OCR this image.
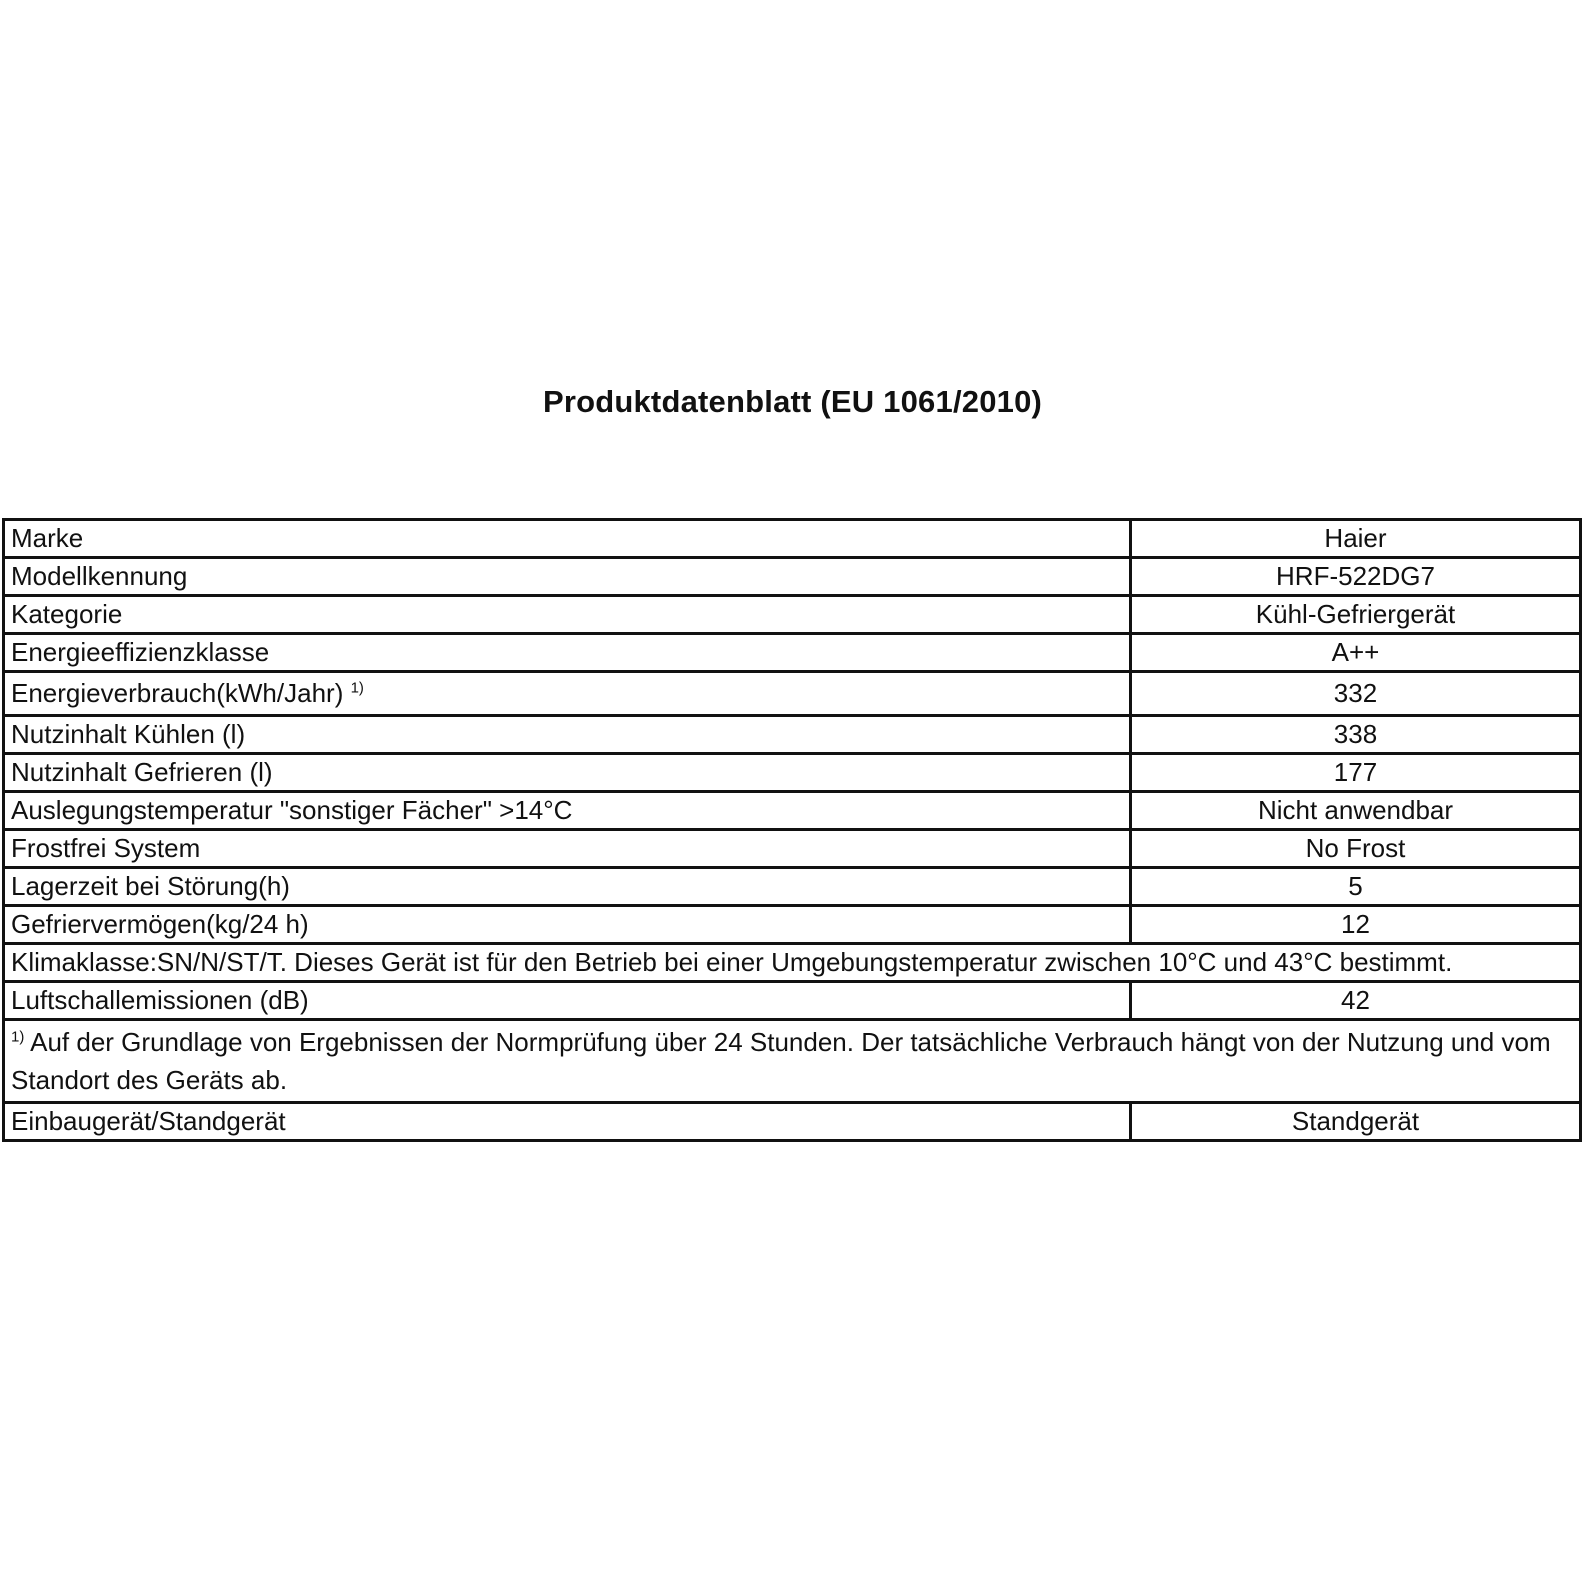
Produktdatenblatt (EU 1061/2010)
Marke	Haier
Modellkennung	HRF-522DG7
Kategorie	Kühl-Gefriergerät
Energieeffizienzklasse	A++
Energieverbrauch(kWh/Jahr) $^{1)}$	332
Nutzinhalt Kühlen (l)	338
Nutzinhalt Gefrieren (l)	177
Auslegungstemperatur "sonstiger Fächer" >14°C	Nicht anwendbar
Frostfrei System	No Frost
Lagerzeit bei Störung(h)	5
Gefriervermögen(kg/24 h)	12
Klimaklasse:SN/N/ST/T. Dieses Gerät ist für den Betrieb bei einer Umgebungstemperatur zwischen 10°C und 43°C bestimmt.	
Luftschallemissionen (dB)	42
$^{1)}$ Auf der Grundlage von Ergebnissen der Normprüfung über 24 Stunden. Der tatsächliche Verbrauch hängt von der Nutzung und vom Standort des Geräts ab.	
Einbaugerät/Standgerät	Standgerät
